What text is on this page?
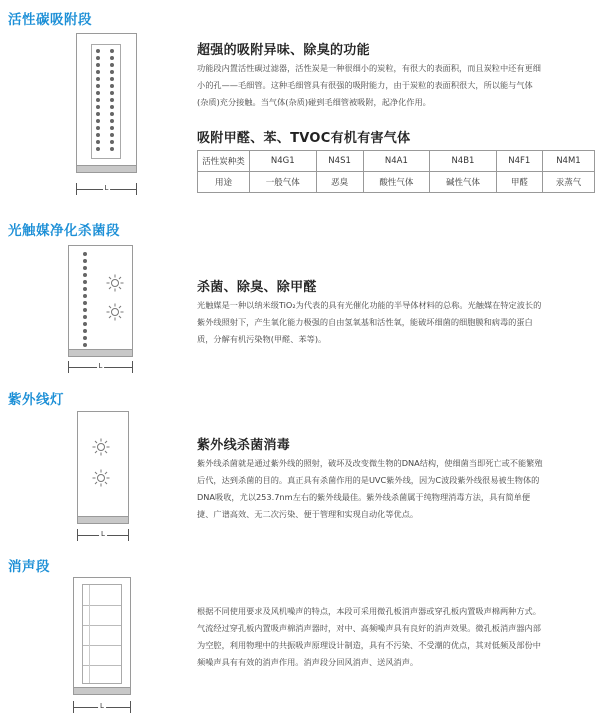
活性碳吸附段
L
超强的吸附异味、除臭的功能
功能段内置活性碳过滤器，活性炭是一种很细小的炭粒，有很大的表面积，而且炭粒中还有更细
小的孔——毛细管。这种毛细管具有很强的吸附能力，由于炭粒的表面积很大，所以能与气体
(杂质)充分接触。当气体(杂质)碰到毛细管被吸附，起净化作用。
吸附甲醛、苯、TVOC有机有害气体
活性炭种类	N4G1	N4S1	N4A1	N4B1	N4F1	N4M1
用途	一般气体	恶臭	酸性气体	碱性气体	甲醛	汞蒸气
光触媒净化杀菌段
L
杀菌、除臭、除甲醛
光触媒是一种以纳米级TiO₂为代表的具有光催化功能的半导体材料的总称。光触媒在特定波长的
紫外线照射下，产生氧化能力极强的自由氢氧基和活性氧，能破坏细菌的细胞膜和病毒的蛋白
质，分解有机污染物(甲醛、苯等)。
紫外线灯
L
紫外线杀菌消毒
紫外线杀菌就是通过紫外线的照射，破坏及改变微生物的DNA结构，使细菌当即死亡或不能繁殖
后代，达到杀菌的目的。真正具有杀菌作用的是UVC紫外线，因为C波段紫外线很易被生物体的
DNA吸收，尤以253.7nm左右的紫外线最佳。紫外线杀菌属于纯物理消毒方法，具有简单便
捷、广谱高效、无二次污染、便于管理和实现自动化等优点。
消声段
L
根据不同使用要求及风机噪声的特点，本段可采用微孔板消声器或穿孔板内置吸声棉两种方式。
气流经过穿孔板内置吸声棉消声器时，对中、高频噪声具有良好的消声效果。微孔板消声器内部
为空腔，利用物理中的共振吸声原理设计制造，具有不污染、不受潮的优点，其对低频及部份中
频噪声具有有效的消声作用。消声段分回风消声、送风消声。
